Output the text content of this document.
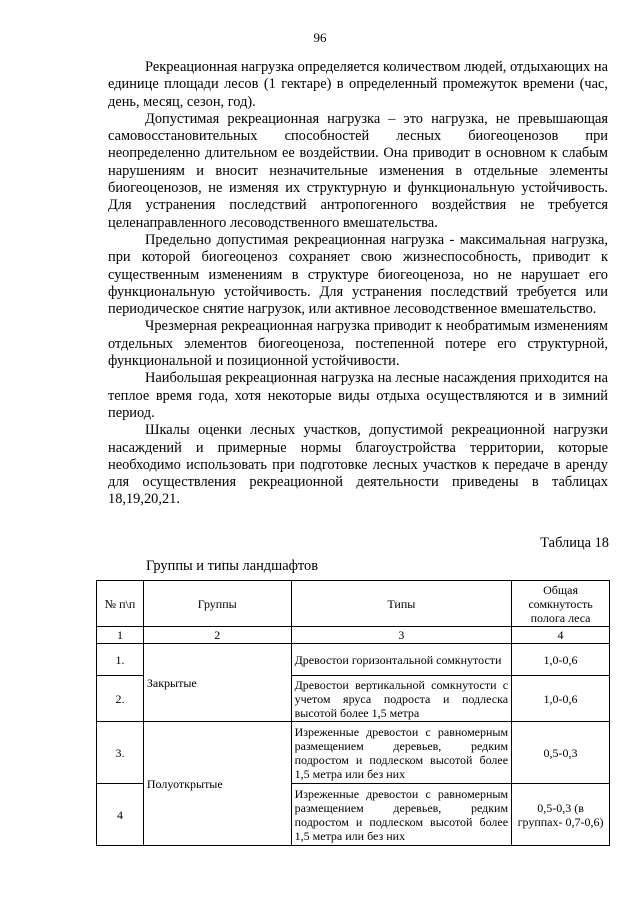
96

Рекреационная нагрузка определяется количеством людей, отдыхающих на единице площади лесов (1 гектаре) в определенный промежуток времени (час, день, месяц, сезон, год).

Допустимая рекреационная нагрузка – это нагрузка, не превышающая самовосстановительных способностей лесных биогеоценозов при неопределенно длительном ее воздействии. Она приводит в основном к слабым нарушениям и вносит незначительные изменения в отдельные элементы биогеоценозов, не изменяя их структурную и функциональную устойчивость. Для устранения последствий антропогенного воздействия не требуется целенаправленного лесоводственного вмешательства.

Предельно допустимая рекреационная нагрузка - максимальная нагрузка, при которой биогеоценоз сохраняет свою жизнеспособность, приводит к существенным изменениям в структуре биогеоценоза, но не нарушает его функциональную устойчивость. Для устранения последствий требуется или периодическое снятие нагрузок, или активное лесоводственное вмешательство.

Чрезмерная рекреационная нагрузка приводит к необратимым изменениям отдельных элементов биогеоценоза, постепенной потере его структурной, функциональной и позиционной устойчивости.

Наибольшая рекреационная нагрузка на лесные насаждения приходится на теплое время года, хотя некоторые виды отдыха осуществляются и в зимний период.

Шкалы оценки лесных участков, допустимой рекреационной нагрузки насаждений и примерные нормы благоустройства территории, которые необходимо использовать при подготовке лесных участков к передаче в аренду для осуществления рекреационной деятельности приведены в таблицах 18,19,20,21.

Таблица 18
Группы и типы ландшафтов
№ п\п	Группы	Типы	Общая сомкнутость полога леса
1	2	3	4
1.	Закрытые	Древостои горизонтальной сомкнутости	1,0-0,6
2.		Древостои вертикальной сомкнутости с учетом яруса подроста и подлеска высотой более 1,5 метра	1,0-0,6
3.	Полуоткрытые	Изреженные древостои с равномерным размещением деревьев, редким подростом и подлеском высотой более 1,5 метра или без них	0,5-0,3
4		Изреженные древостои с равномерным размещением деревьев, редким подростом и подлеском высотой более 1,5 метра или без них	0,5-0,3 (в группах- 0,7-0,6)
